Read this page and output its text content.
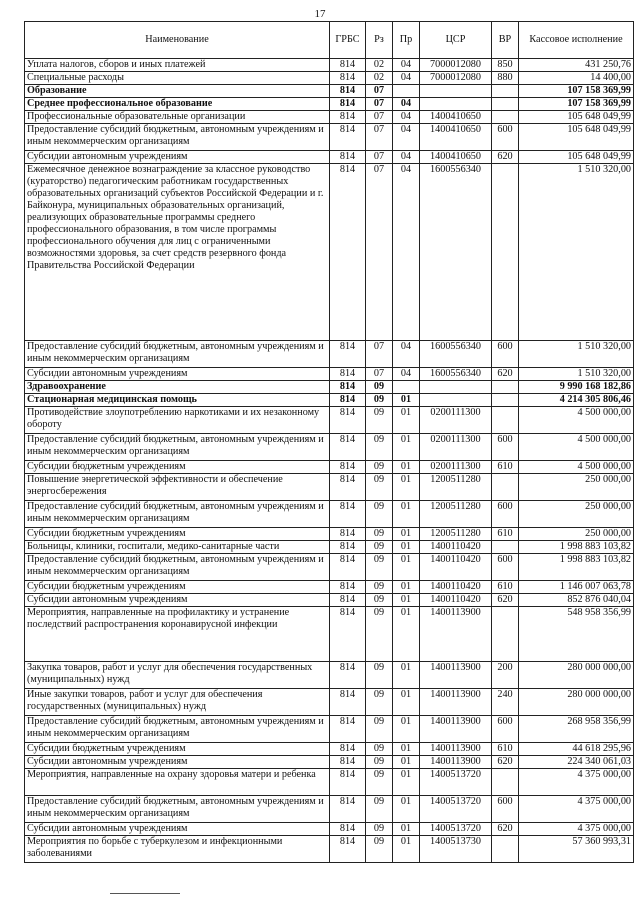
17
Наименование	ГРБС	Рз	Пр	ЦСР	ВР	Кассовое исполнение
Уплата налогов, сборов и иных платежей	814	02	04	7000012080	850	431 250,76
Специальные расходы	814	02	04	7000012080	880	14 400,00
Образование	814	07				107 158 369,99
Среднее профессиональное образование	814	07	04			107 158 369,99
Профессиональные образовательные организации	814	07	04	1400410650		105 648 049,99
Предоставление субсидий бюджетным, автономным учреждениям и иным некоммерческим организациям	814	07	04	1400410650	600	105 648 049,99
Субсидии автономным учреждениям	814	07	04	1400410650	620	105 648 049,99
Ежемесячное денежное вознаграждение за классное руководство (кураторство) педагогическим работникам государственных образовательных организаций субъектов Российской Федерации и г. Байконура, муниципальных образовательных организаций, реализующих образовательные программы среднего профессионального образования, в том числе программы профессионального обучения для лиц с ограниченными возможностями здоровья, за счет средств резервного фонда Правительства Российской Федерации	814	07	04	1600556340		1 510 320,00
Предоставление субсидий бюджетным, автономным учреждениям и иным некоммерческим организациям	814	07	04	1600556340	600	1 510 320,00
Субсидии автономным учреждениям	814	07	04	1600556340	620	1 510 320,00
Здравоохранение	814	09				9 990 168 182,86
Стационарная медицинская помощь	814	09	01			4 214 305 806,46
Противодействие злоупотреблению наркотиками и их незаконному обороту	814	09	01	0200111300		4 500 000,00
Предоставление субсидий бюджетным, автономным учреждениям и иным некоммерческим организациям	814	09	01	0200111300	600	4 500 000,00
Субсидии бюджетным учреждениям	814	09	01	0200111300	610	4 500 000,00
Повышение энергетической эффективности и обеспечение энергосбережения	814	09	01	1200511280		250 000,00
Предоставление субсидий бюджетным, автономным учреждениям и иным некоммерческим организациям	814	09	01	1200511280	600	250 000,00
Субсидии бюджетным учреждениям	814	09	01	1200511280	610	250 000,00
Больницы, клиники, госпитали, медико-санитарные части	814	09	01	1400110420		1 998 883 103,82
Предоставление субсидий бюджетным, автономным учреждениям и иным некоммерческим организациям	814	09	01	1400110420	600	1 998 883 103,82
Субсидии бюджетным учреждениям	814	09	01	1400110420	610	1 146 007 063,78
Субсидии автономным учреждениям	814	09	01	1400110420	620	852 876 040,04
Мероприятия, направленные на профилактику и устранение последствий распространения коронавирусной инфекции	814	09	01	1400113900		548 958 356,99
Закупка товаров, работ и услуг для обеспечения государственных (муниципальных) нужд	814	09	01	1400113900	200	280 000 000,00
Иные закупки товаров, работ и услуг для обеспечения государственных (муниципальных) нужд	814	09	01	1400113900	240	280 000 000,00
Предоставление субсидий бюджетным, автономным учреждениям и иным некоммерческим организациям	814	09	01	1400113900	600	268 958 356,99
Субсидии бюджетным учреждениям	814	09	01	1400113900	610	44 618 295,96
Субсидии автономным учреждениям	814	09	01	1400113900	620	224 340 061,03
Мероприятия, направленные на охрану здоровья матери и ребенка	814	09	01	1400513720		4 375 000,00
Предоставление субсидий бюджетным, автономным учреждениям и иным некоммерческим организациям	814	09	01	1400513720	600	4 375 000,00
Субсидии автономным учреждениям	814	09	01	1400513720	620	4 375 000,00
Мероприятия по борьбе с туберкулезом и инфекционными заболеваниями	814	09	01	1400513730		57 360 993,31
